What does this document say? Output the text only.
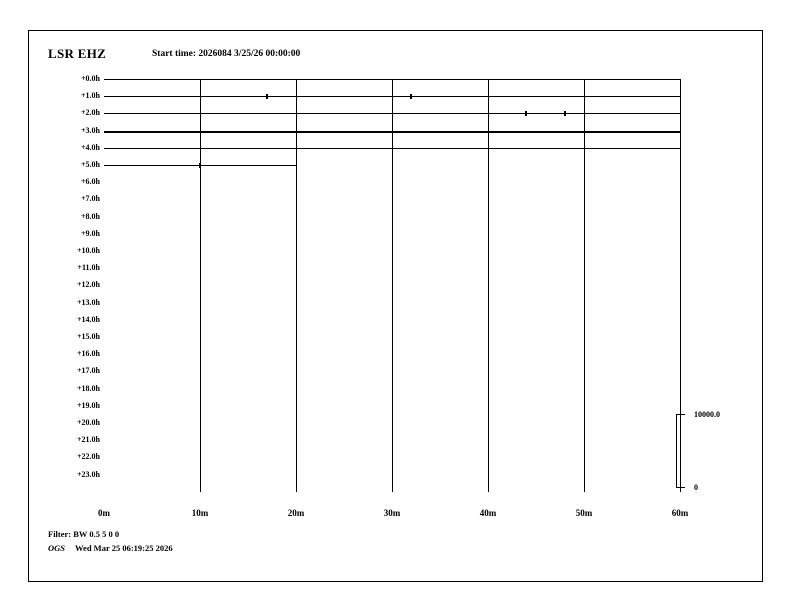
LSR EHZ	Start time: 2026084 3/25/26 00:00:00
+0.0h
+1.0h
+2.0h
+3.0h
+4.0h
+5.0h
+6.0h
+7.0h
+8.0h
+9.0h
+10.0h
+11.0h
+12.0h
+13.0h
+14.0h
+15.0h
+16.0h
+17.0h
+18.0h
+19.0h
+20.0h
+21.0h
+22.0h
+23.0h
10000.0
0
Filter: BW 0.5 5 0 0
OGS Wed Mar 25 06:19:25 2026
0m	10m	20m	30m	40m	50m	60m
